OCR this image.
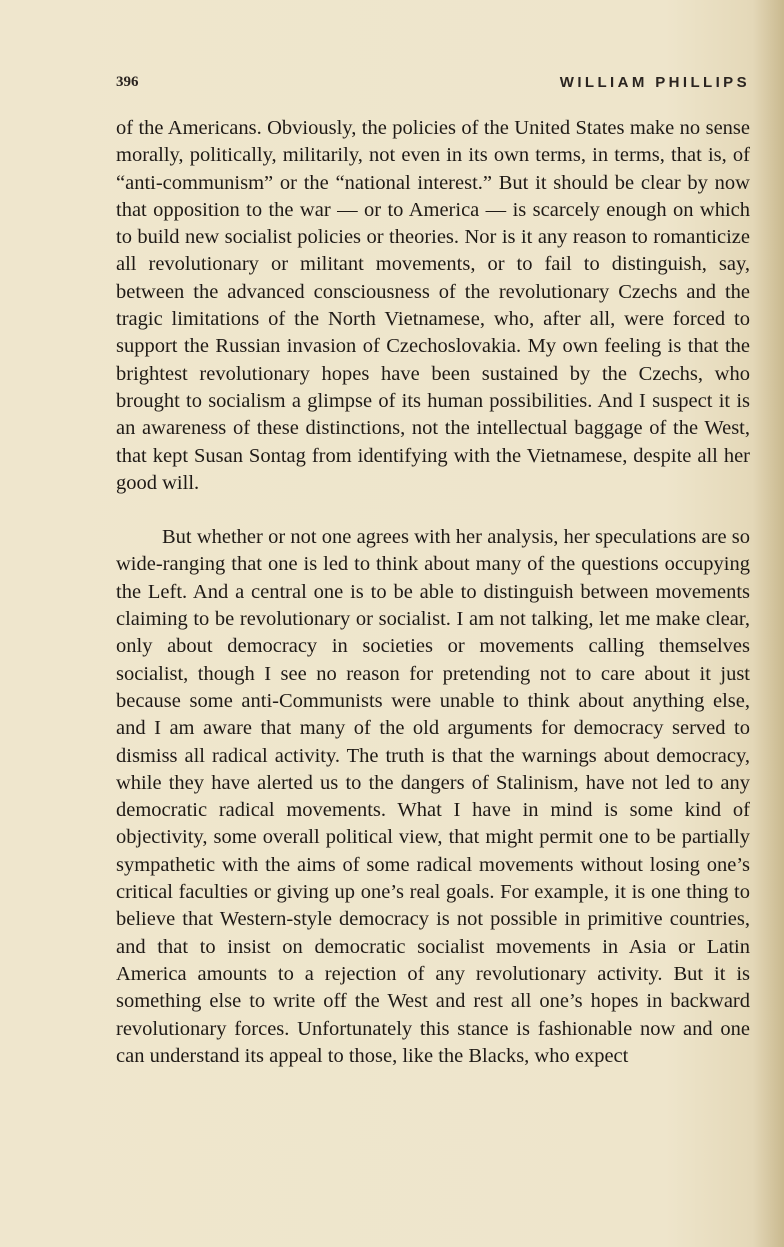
396	WILLIAM PHILLIPS

of the Americans. Obviously, the policies of the United States make no sense morally, politically, militarily, not even in its own terms, in terms, that is, of “anti-communism” or the “national interest.” But it should be clear by now that opposition to the war — or to America — is scarcely enough on which to build new socialist policies or theories. Nor is it any reason to romanticize all revolutionary or militant movements, or to fail to distinguish, say, between the advanced consciousness of the revolutionary Czechs and the tragic limitations of the North Vietnamese, who, after all, were forced to support the Russian invasion of Czechoslovakia. My own feeling is that the brightest revolutionary hopes have been sustained by the Czechs, who brought to socialism a glimpse of its human possibilities. And I suspect it is an awareness of these distinctions, not the intellectual baggage of the West, that kept Susan Sontag from identifying with the Vietnamese, despite all her good will.

But whether or not one agrees with her analysis, her speculations are so wide-ranging that one is led to think about many of the questions occupying the Left. And a central one is to be able to distinguish between movements claiming to be revolutionary or socialist. I am not talking, let me make clear, only about democracy in societies or movements calling themselves socialist, though I see no reason for pretending not to care about it just because some anti-Communists were unable to think about anything else, and I am aware that many of the old arguments for democracy served to dismiss all radical activity. The truth is that the warnings about democracy, while they have alerted us to the dangers of Stalinism, have not led to any democratic radical movements. What I have in mind is some kind of objectivity, some overall political view, that might permit one to be partially sympathetic with the aims of some radical movements without losing one’s critical faculties or giving up one’s real goals. For example, it is one thing to believe that Western-style democracy is not possible in primitive countries, and that to insist on democratic socialist movements in Asia or Latin America amounts to a rejection of any revolutionary activity. But it is something else to write off the West and rest all one’s hopes in backward revolutionary forces. Unfortunately this stance is fashionable now and one can understand its appeal to those, like the Blacks, who expect
